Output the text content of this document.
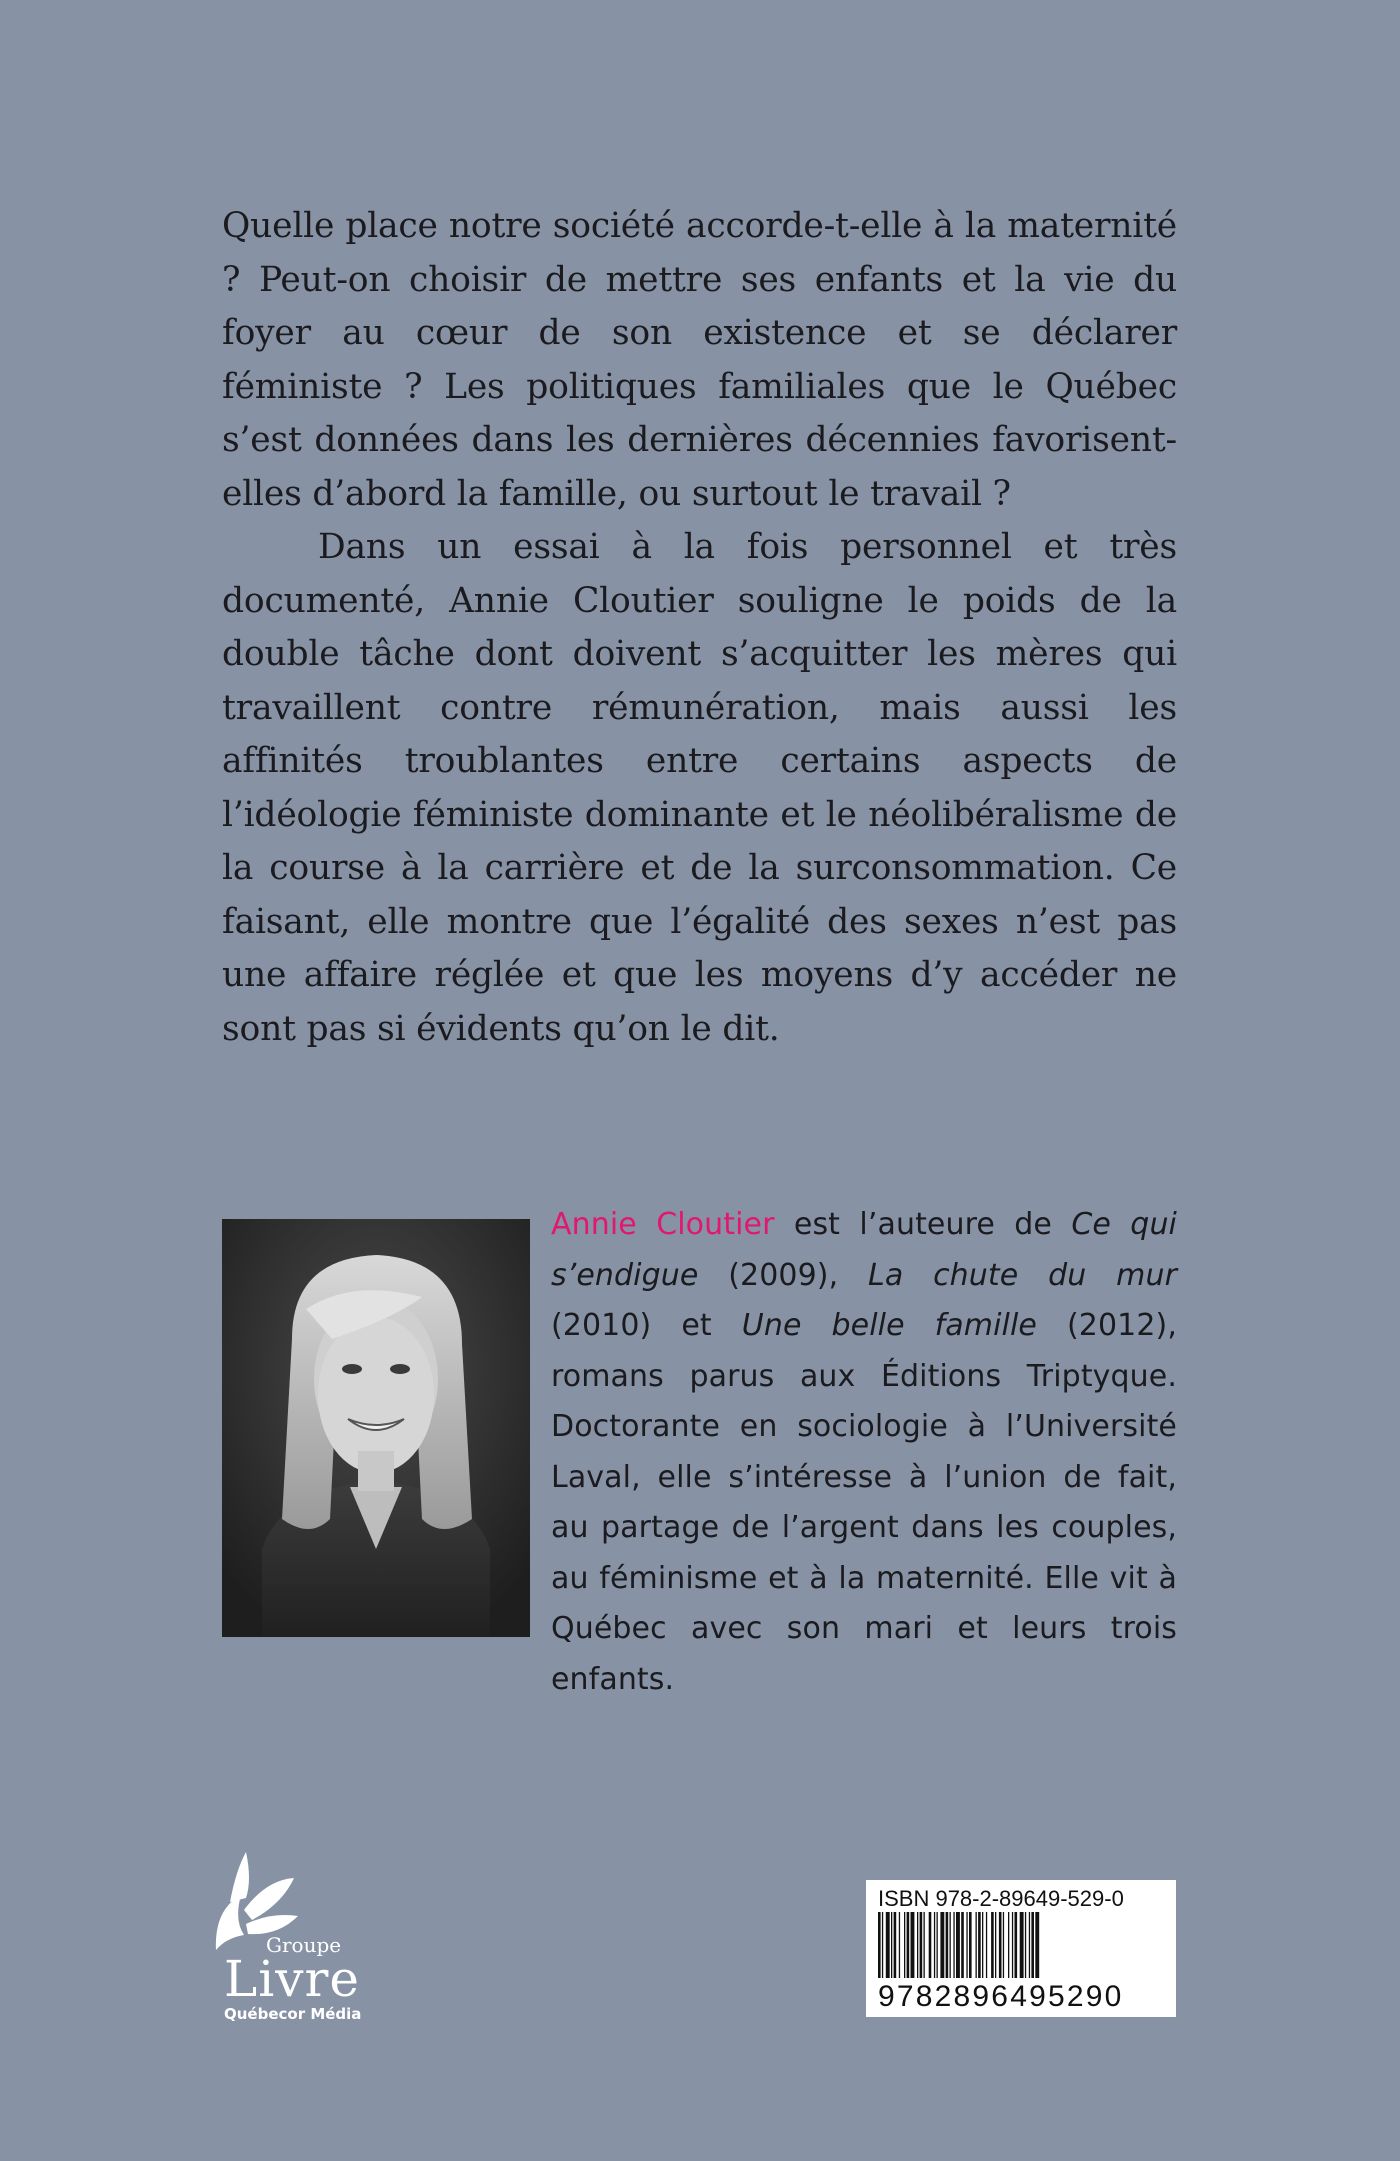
Quelle place notre société accorde-t-elle à la maternité ? Peut-on choisir de mettre ses enfants et la vie du foyer au cœur de son existence et se déclarer féministe ? Les politiques familiales que le Québec s’est données dans les dernières décennies favorisent-elles d’abord la famille, ou surtout le travail ?

Dans un essai à la fois personnel et très documenté, Annie Cloutier souligne le poids de la double tâche dont doivent s’acquitter les mères qui travaillent contre rémunération, mais aussi les affinités troublantes entre certains aspects de l’idéologie féministe dominante et le néolibéralisme de la course à la carrière et de la surconsommation. Ce faisant, elle montre que l’égalité des sexes n’est pas une affaire réglée et que les moyens d’y accéder ne sont pas si évidents qu’on le dit.

Annie Cloutier est l’auteure de Ce qui s’endigue (2009), La chute du mur (2010) et Une belle famille (2012), romans parus aux Éditions Triptyque. Doctorante en sociologie à l’Université Laval, elle s’intéresse à l’union de fait, au partage de l’argent dans les couples, au féminisme et à la maternité. Elle vit à Québec avec son mari et leurs trois enfants.
Groupe
Livre
Québecor Média
ISBN 978-2-89649-529-0
9782896495290
